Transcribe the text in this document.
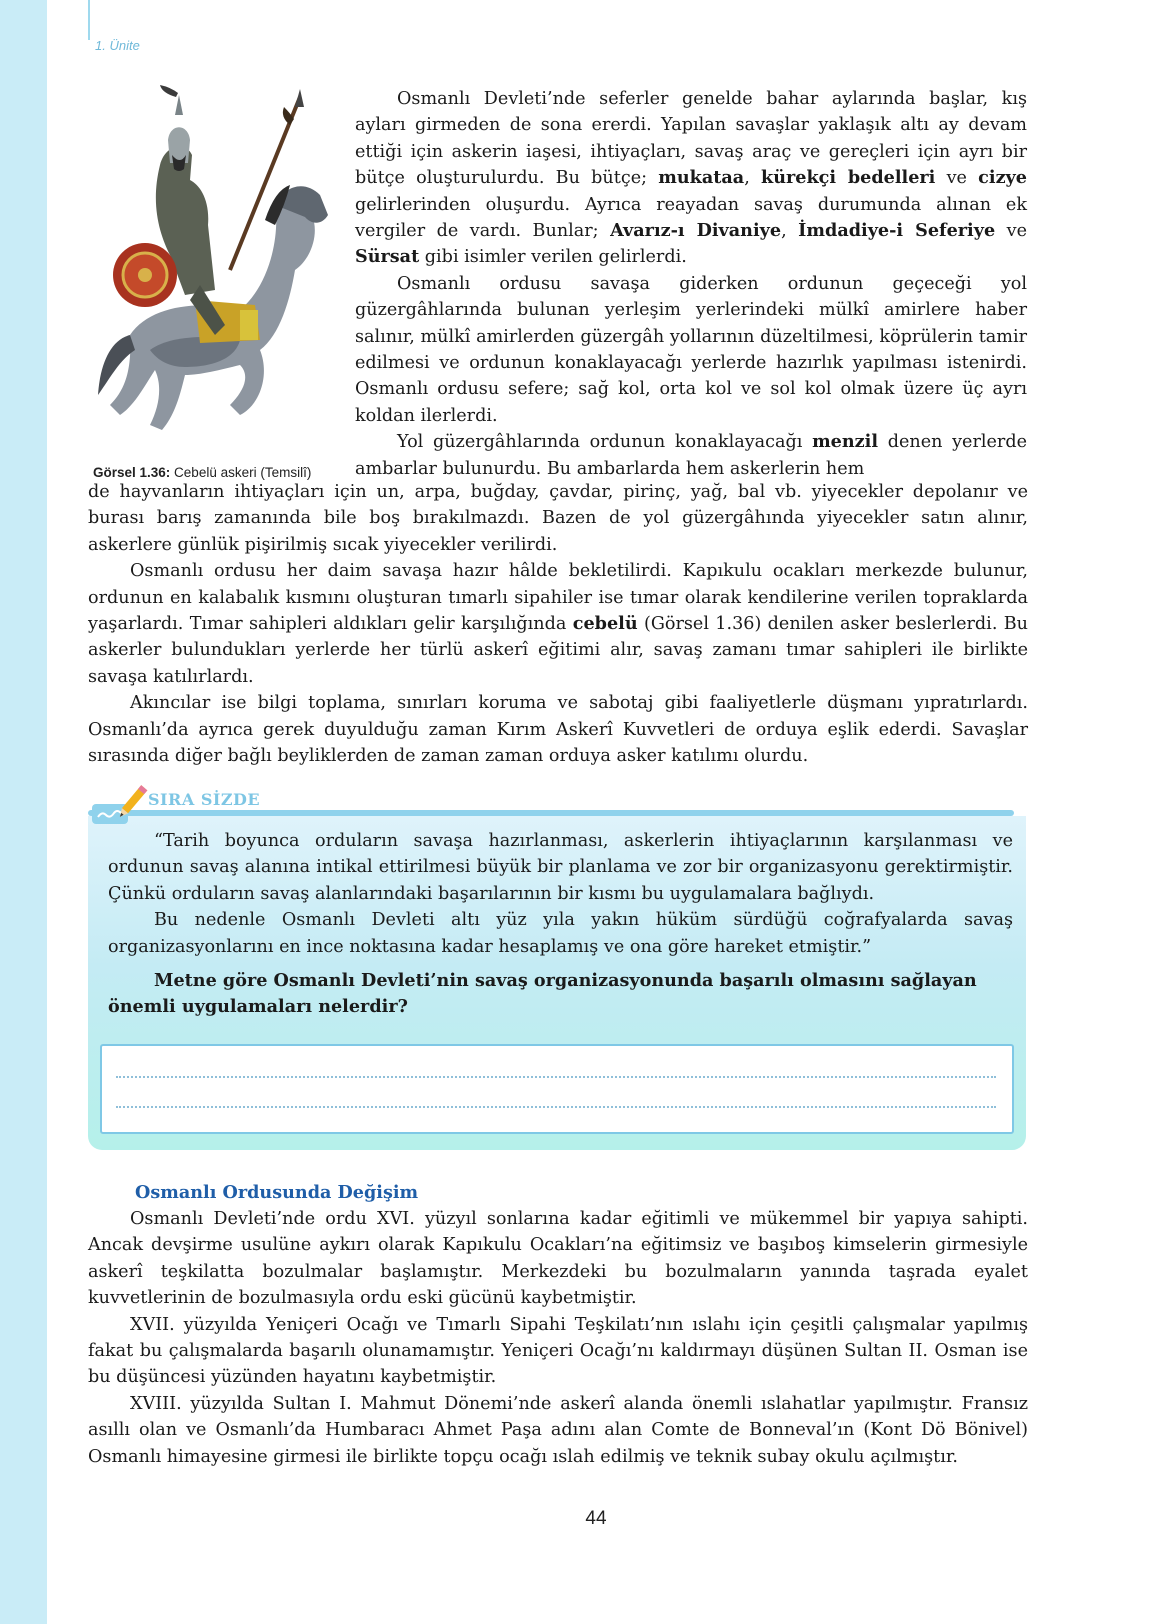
1. Ünite
Görsel 1.36: Cebelü askeri (Temsilî)

Osmanlı Devleti’nde seferler genelde bahar aylarında başlar, kış ayları girmeden de sona ererdi. Yapılan savaşlar yaklaşık altı ay devam ettiği için askerin iaşesi, ihtiyaçları, savaş araç ve gereçleri için ayrı bir bütçe oluşturulurdu. Bu bütçe; mukataa, kürekçi bedelleri ve cizye gelirlerinden oluşurdu. Ayrıca reayadan savaş durumunda alınan ek vergiler de vardı. Bunlar; Avarız-ı Divaniye, İmdadiye-i Seferiye ve Sürsat gibi isimler verilen gelirlerdi.

Osmanlı ordusu savaşa giderken ordunun geçeceği yol güzergâhlarında bulunan yerleşim yerlerindeki mülkî amirlere haber salınır, mülkî amirlerden güzergâh yollarının düzeltilmesi, köprülerin tamir edilmesi ve ordunun konaklayacağı yerlerde hazırlık yapılması istenirdi. Osmanlı ordusu sefere; sağ kol, orta kol ve sol kol olmak üzere üç ayrı koldan ilerlerdi.

Yol güzergâhlarında ordunun konaklayacağı menzil denen yerlerde ambarlar bulunurdu. Bu ambarlarda hem askerlerin hem

de hayvanların ihtiyaçları için un, arpa, buğday, çavdar, pirinç, yağ, bal vb. yiyecekler depolanır ve burası barış zamanında bile boş bırakılmazdı. Bazen de yol güzergâhında yiyecekler satın alınır, askerlere günlük pişirilmiş sıcak yiyecekler verilirdi.

Osmanlı ordusu her daim savaşa hazır hâlde bekletilirdi. Kapıkulu ocakları merkezde bulunur, ordunun en kalabalık kısmını oluşturan tımarlı sipahiler ise tımar olarak kendilerine verilen topraklarda yaşarlardı. Tımar sahipleri aldıkları gelir karşılığında cebelü (Görsel 1.36) denilen asker beslerlerdi. Bu askerler bulundukları yerlerde her türlü askerî eğitimi alır, savaş zamanı tımar sahipleri ile birlikte savaşa katılırlardı.

Akıncılar ise bilgi toplama, sınırları koruma ve sabotaj gibi faaliyetlerle düşmanı yıpratırlardı. Osmanlı’da ayrıca gerek duyulduğu zaman Kırım Askerî Kuvvetleri de orduya eşlik ederdi. Savaşlar sırasında diğer bağlı beyliklerden de zaman zaman orduya asker katılımı olurdu.

SIRA SİZDE

“Tarih boyunca orduların savaşa hazırlanması, askerlerin ihtiyaçlarının karşılanması ve ordunun savaş alanına intikal ettirilmesi büyük bir planlama ve zor bir organizasyonu gerektirmiştir. Çünkü orduların savaş alanlarındaki başarılarının bir kısmı bu uygulamalara bağlıydı.

Bu nedenle Osmanlı Devleti altı yüz yıla yakın hüküm sürdüğü coğrafyalarda savaş organizasyonlarını en ince noktasına kadar hesaplamış ve ona göre hareket etmiştir.”

Metne göre Osmanlı Devleti’nin savaş organizasyonunda başarılı olmasını sağlayan önemli uygulamaları nelerdir?
Osmanlı Ordusunda Değişim

Osmanlı Devleti’nde ordu XVI. yüzyıl sonlarına kadar eğitimli ve mükemmel bir yapıya sahipti. Ancak devşirme usulüne aykırı olarak Kapıkulu Ocakları’na eğitimsiz ve başıboş kimselerin girmesiyle askerî teşkilatta bozulmalar başlamıştır. Merkezdeki bu bozulmaların yanında taşrada eyalet kuvvetlerinin de bozulmasıyla ordu eski gücünü kaybetmiştir.

XVII. yüzyılda Yeniçeri Ocağı ve Tımarlı Sipahi Teşkilatı’nın ıslahı için çeşitli çalışmalar yapılmış fakat bu çalışmalarda başarılı olunamamıştır. Yeniçeri Ocağı’nı kaldırmayı düşünen Sultan II. Osman ise bu düşüncesi yüzünden hayatını kaybetmiştir.

XVIII. yüzyılda Sultan I. Mahmut Dönemi’nde askerî alanda önemli ıslahatlar yapılmıştır. Fransız asıllı olan ve Osmanlı’da Humbaracı Ahmet Paşa adını alan Comte de Bonneval’ın (Kont Dö Bönivel) Osmanlı himayesine girmesi ile birlikte topçu ocağı ıslah edilmiş ve teknik subay okulu açılmıştır.

44
